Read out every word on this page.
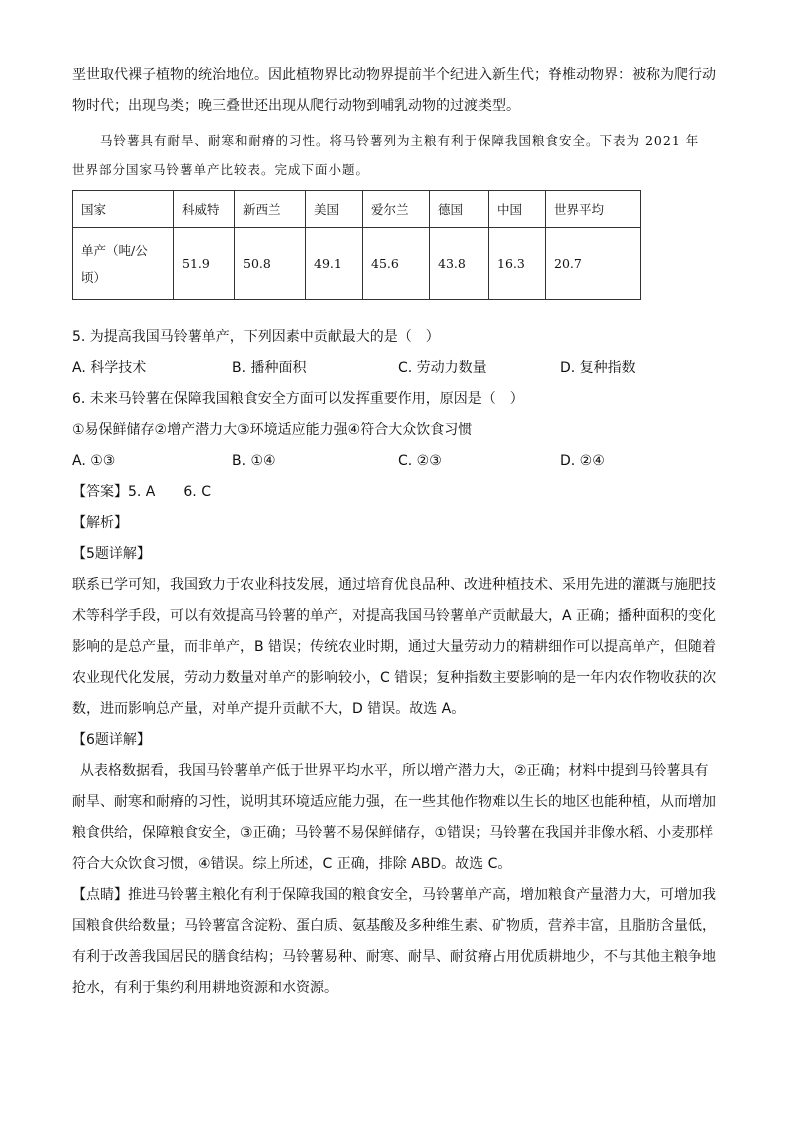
垩世取代裸子植物的统治地位。因此植物界比动物界提前半个纪进入新生代；脊椎动物界：被称为爬行动

物时代；出现鸟类；晚三叠世还出现从爬行动物到哺乳动物的过渡类型。

马铃薯具有耐旱、耐寒和耐瘠的习性。将马铃薯列为主粮有利于保障我国粮食安全。下表为 2021 年

世界部分国家马铃薯单产比较表。完成下面小题。

国家	科威特	新西兰	美国	爱尔兰	德国	中国	世界平均

单产（吨/公
顷）	51.9	50.8	49.1	45.6	43.8	16.3	20.7

5. 为提高我国马铃薯单产，下列因素中贡献最大的是（　）

A. 科学技术	B. 播种面积	C. 劳动力数量	D. 复种指数

6. 未来马铃薯在保障我国粮食安全方面可以发挥重要作用，原因是（　）

①易保鲜储存②增产潜力大③环境适应能力强④符合大众饮食习惯

A. ①③	B. ①④	C. ②③	D. ②④

【答案】5. A　　6. C

【解析】

【5题详解】

联系已学可知，我国致力于农业科技发展，通过培育优良品种、改进种植技术、采用先进的灌溉与施肥技

术等科学手段，可以有效提高马铃薯的单产，对提高我国马铃薯单产贡献最大，A 正确；播种面积的变化

影响的是总产量，而非单产，B 错误；传统农业时期，通过大量劳动力的精耕细作可以提高单产，但随着

农业现代化发展，劳动力数量对单产的影响较小，C 错误；复种指数主要影响的是一年内农作物收获的次

数，进而影响总产量，对单产提升贡献不大，D 错误。故选 A。

【6题详解】

从表格数据看，我国马铃薯单产低于世界平均水平，所以增产潜力大，②正确；材料中提到马铃薯具有

耐旱、耐寒和耐瘠的习性，说明其环境适应能力强，在一些其他作物难以生长的地区也能种植，从而增加

粮食供给，保障粮食安全，③正确；马铃薯不易保鲜储存，①错误；马铃薯在我国并非像水稻、小麦那样

符合大众饮食习惯，④错误。综上所述，C 正确，排除 ABD。故选 C。

【点睛】推进马铃薯主粮化有利于保障我国的粮食安全，马铃薯单产高，增加粮食产量潜力大，可增加我

国粮食供给数量；马铃薯富含淀粉、蛋白质、氨基酸及多种维生素、矿物质，营养丰富，且脂肪含量低，

有利于改善我国居民的膳食结构；马铃薯易种、耐寒、耐旱、耐贫瘠占用优质耕地少，不与其他主粮争地

抢水，有利于集约利用耕地资源和水资源。
